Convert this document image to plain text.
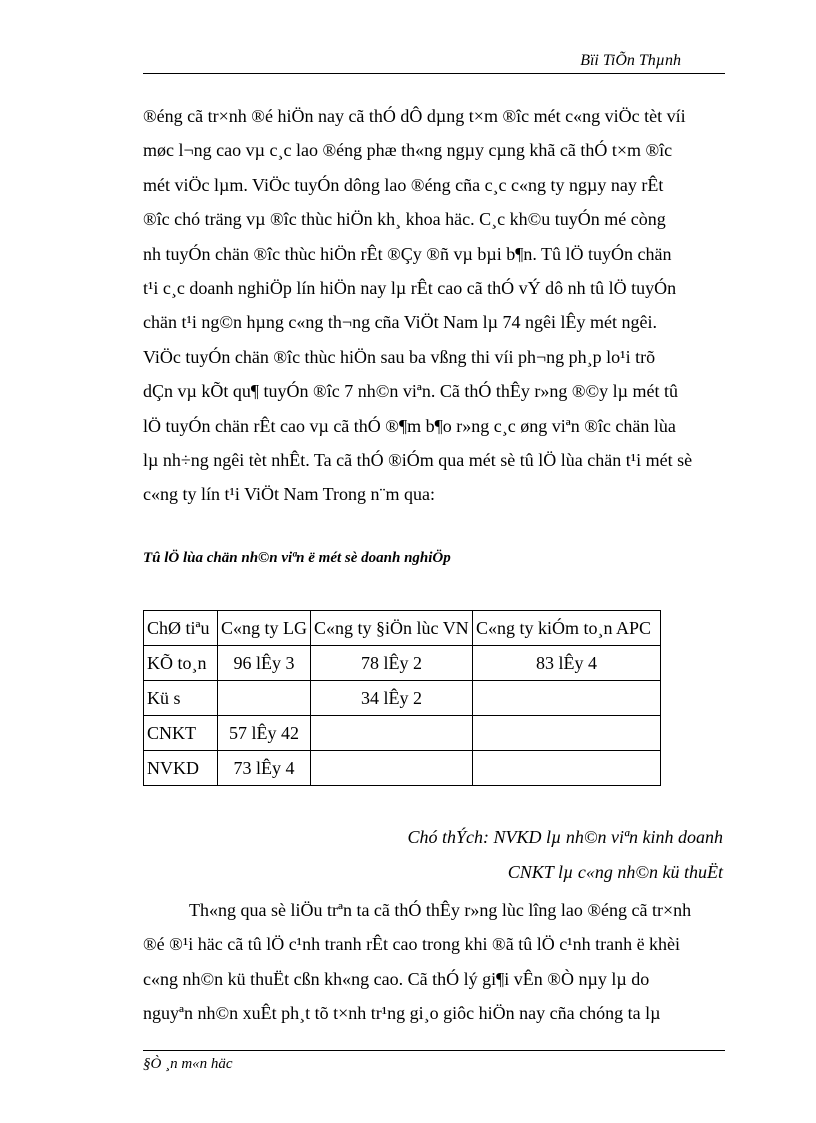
Bïi TiÕn Thµnh
®éng cã tr×nh ®é hiÖn nay cã thÓ dÔ dµng t×m ®îc mét c«ng viÖc tèt víi
møc l¬ng cao vµ c¸c lao ®éng phæ th«ng ngµy cµng khã cã thÓ t×m ®îc
mét viÖc lµm. ViÖc tuyÓn dông lao ®éng cña c¸c c«ng ty ngµy nay rÊt
®îc chó träng vµ ®îc thùc hiÖn kh¸ khoa häc. C¸c kh©u tuyÓn mé còng
nh tuyÓn chän ®îc thùc hiÖn rÊt ®Çy ®ñ vµ bµi b¶n. Tû lÖ tuyÓn chän
t¹i c¸c doanh nghiÖp lín hiÖn nay lµ rÊt cao cã thÓ vÝ dô nh tû lÖ tuyÓn
chän t¹i ng©n hµng c«ng th¬ng cña ViÖt Nam lµ 74 ngêi lÊy mét ngêi.
ViÖc tuyÓn chän ®îc thùc hiÖn sau ba vßng thi víi ph¬ng ph¸p lo¹i trõ
dÇn vµ kÕt qu¶ tuyÓn ®îc 7 nh©n viªn. Cã thÓ thÊy r»ng ®©y lµ mét tû
lÖ tuyÓn chän rÊt cao vµ cã thÓ ®¶m b¶o r»ng c¸c øng viªn ®îc chän lùa
lµ nh÷ng ngêi tèt nhÊt. Ta cã thÓ ®iÓm qua mét sè tû lÖ lùa chän t¹i mét sè
c«ng ty lín t¹i ViÖt Nam Trong n¨m qua:
Tû lÖ lùa chän nh©n viªn ë mét sè doanh nghiÖp
ChØ tiªu	C«ng ty LG	C«ng ty §iÖn lùc VN	C«ng ty kiÓm to¸n APC
KÕ to¸n	96 lÊy 3	78 lÊy 2	83 lÊy 4
Kü s		34 lÊy 2	
CNKT	57 lÊy 42		
NVKD	73 lÊy 4		
Chó thÝch: NVKD lµ nh©n viªn kinh doanh
CNKT lµ c«ng nh©n kü thuËt
Th«ng qua sè liÖu trªn ta cã thÓ thÊy r»ng lùc lîng lao ®éng cã tr×nh
®é ®¹i häc cã tû lÖ c¹nh tranh rÊt cao trong khi ®ã tû lÖ c¹nh tranh ë khèi
c«ng nh©n kü thuËt cßn kh«ng cao. Cã thÓ lý gi¶i vÊn ®Ò nµy lµ do
nguyªn nh©n xuÊt ph¸t tõ t×nh tr¹ng gi¸o giôc hiÖn nay cña chóng ta lµ
§Ò ¸n m«n häc
